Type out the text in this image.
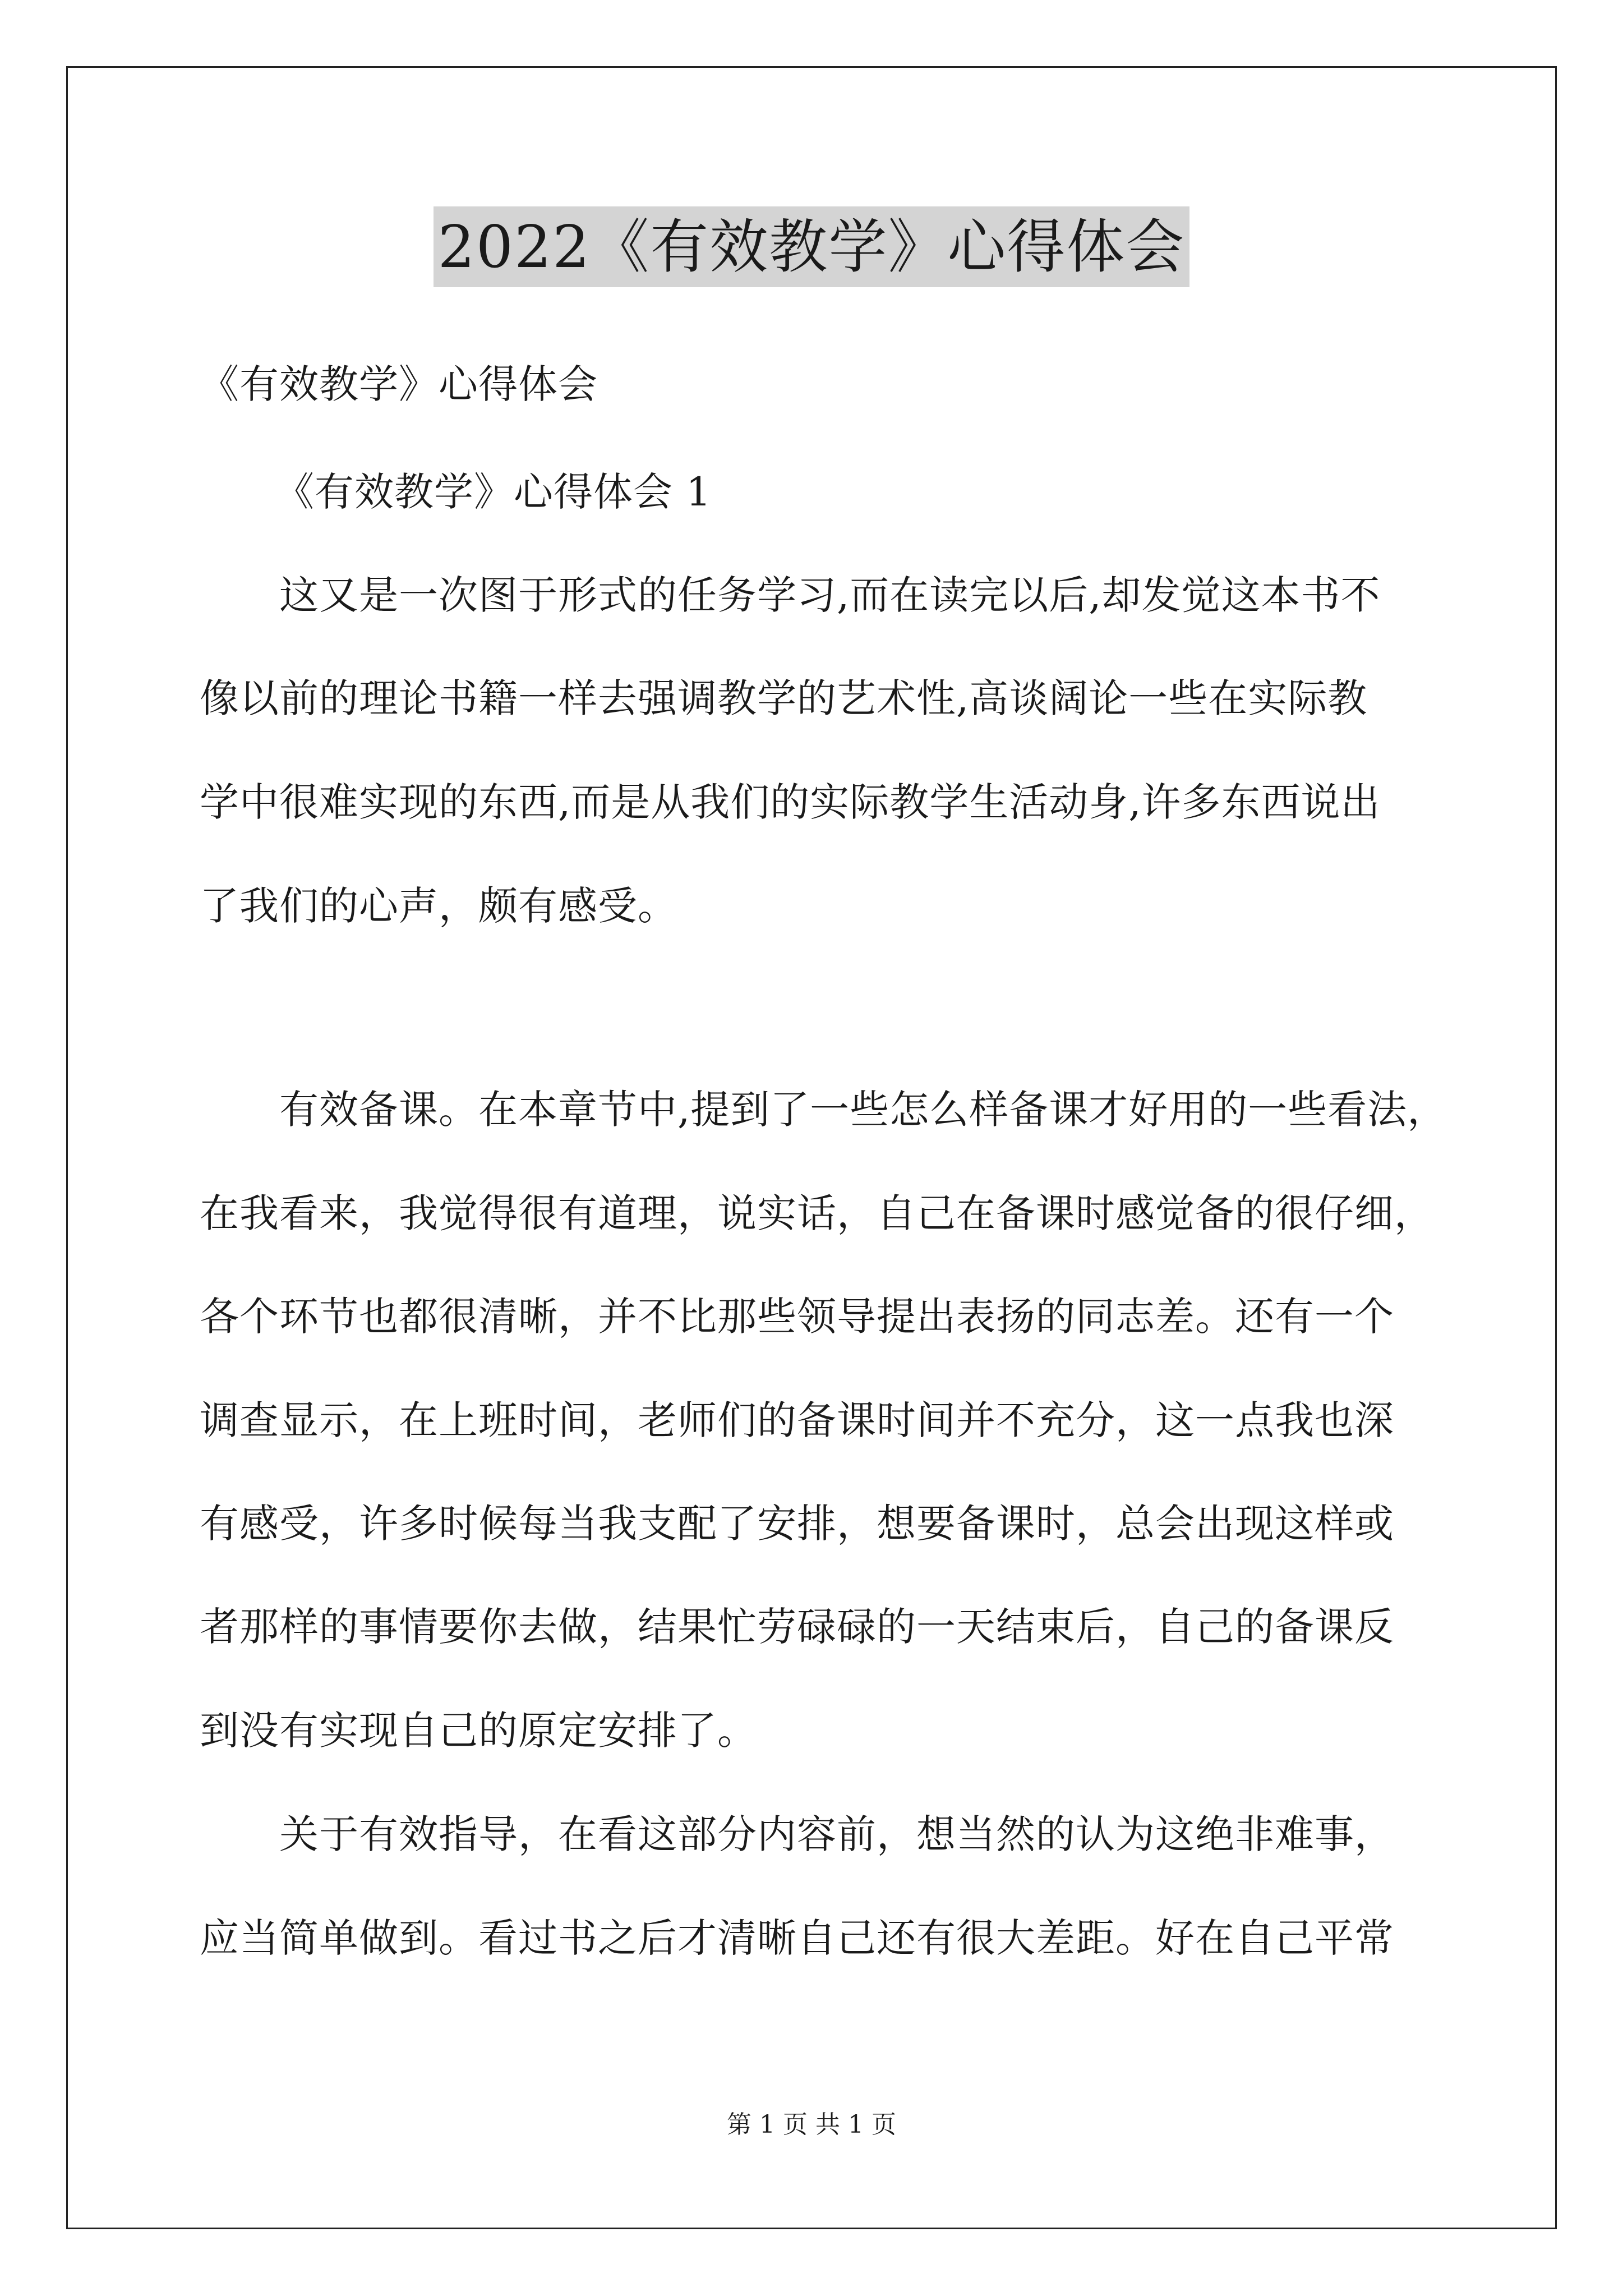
2022《有效教学》心得体会
《有效教学》心得体会
《有效教学》心得体会 1
这又是一次图于形式的任务学习,而在读完以后,却发觉这本书不
像以前的理论书籍一样去强调教学的艺术性,高谈阔论一些在实际教
学中很难实现的东西,而是从我们的实际教学生活动身,许多东西说出
了我们的心声，颇有感受。
有效备课。在本章节中,提到了一些怎么样备课才好用的一些看法，
在我看来，我觉得很有道理，说实话，自己在备课时感觉备的很仔细，
各个环节也都很清晰，并不比那些领导提出表扬的同志差。还有一个
调查显示，在上班时间，老师们的备课时间并不充分，这一点我也深
有感受，许多时候每当我支配了安排，想要备课时，总会出现这样或
者那样的事情要你去做，结果忙劳碌碌的一天结束后，自己的备课反
到没有实现自己的原定安排了。
关于有效指导，在看这部分内容前，想当然的认为这绝非难事，
应当简单做到。看过书之后才清晰自己还有很大差距。好在自己平常
第 1 页 共 1 页
